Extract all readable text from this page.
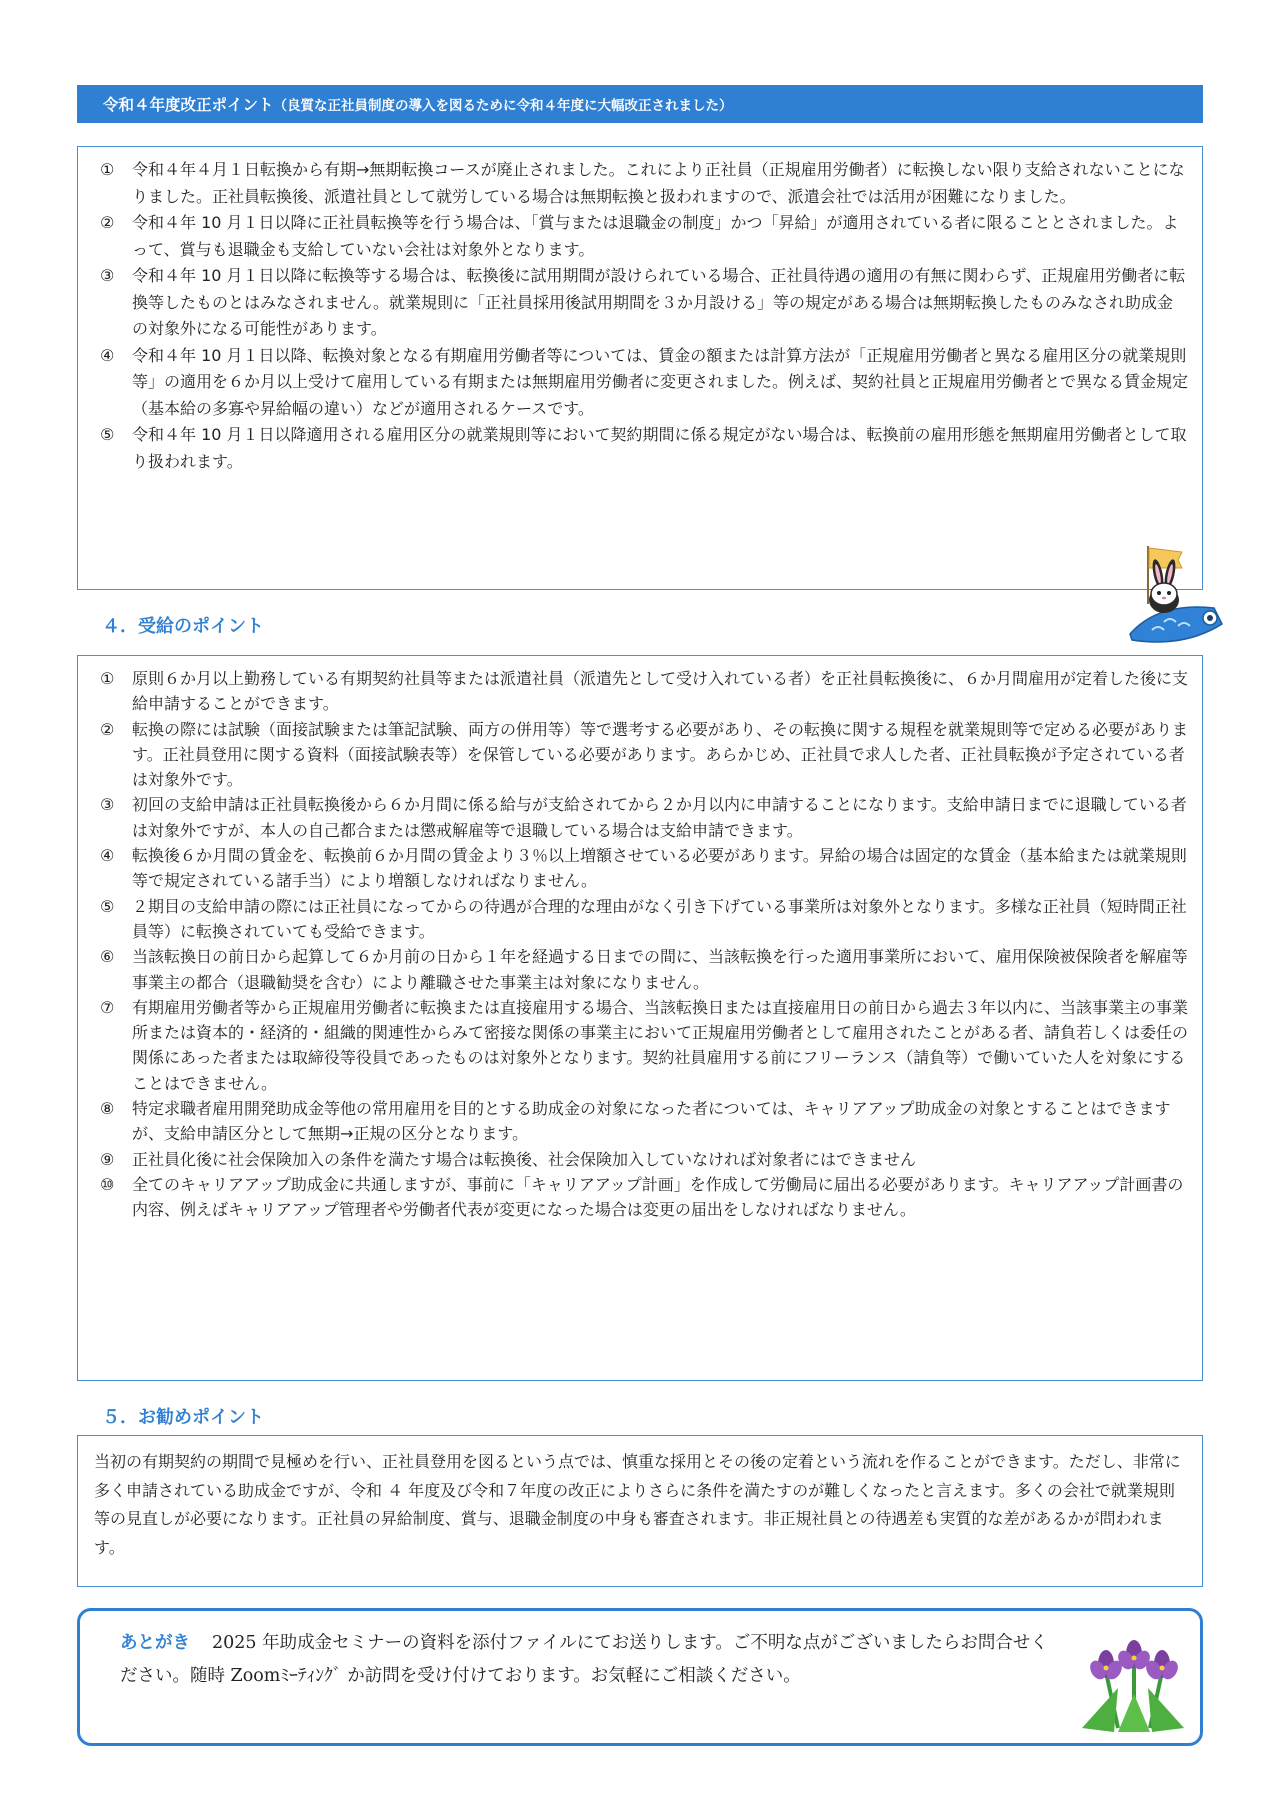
令和４年度改正ポイント （良質な正社員制度の導入を図るために令和４年度に大幅改正されました）
①	令和４年４月１日転換から有期→無期転換コースが廃止されました。これにより正社員（正規雇用労働者）に転換しない限り支給されないことになりました。正社員転換後、派遣社員として就労している場合は無期転換と扱われますので、派遣会社では活用が困難になりました。
②	令和４年 10 月１日以降に正社員転換等を行う場合は、「賞与または退職金の制度」かつ「昇給」が適用されている者に限ることとされました。よって、賞与も退職金も支給していない会社は対象外となります。
③	令和４年 10 月１日以降に転換等する場合は、転換後に試用期間が設けられている場合、正社員待遇の適用の有無に関わらず、正規雇用労働者に転換等したものとはみなされません。就業規則に「正社員採用後試用期間を３か月設ける」等の規定がある場合は無期転換したものみなされ助成金の対象外になる可能性があります。
④	令和４年 10 月１日以降、転換対象となる有期雇用労働者等については、賃金の額または計算方法が「正規雇用労働者と異なる雇用区分の就業規則等」の適用を６か月以上受けて雇用している有期または無期雇用労働者に変更されました。例えば、契約社員と正規雇用労働者とで異なる賃金規定（基本給の多寡や昇給幅の違い）などが適用されるケースです。
⑤	令和４年 10 月１日以降適用される雇用区分の就業規則等において契約期間に係る規定がない場合は、転換前の雇用形態を無期雇用労働者として取り扱われます。
４．受給のポイント
①	原則６か月以上勤務している有期契約社員等または派遣社員（派遣先として受け入れている者）を正社員転換後に、６か月間雇用が定着した後に支給申請することができます。
②	転換の際には試験（面接試験または筆記試験、両方の併用等）等で選考する必要があり、その転換に関する規程を就業規則等で定める必要があります。正社員登用に関する資料（面接試験表等）を保管している必要があります。あらかじめ、正社員で求人した者、正社員転換が予定されている者は対象外です。
③	初回の支給申請は正社員転換後から６か月間に係る給与が支給されてから２か月以内に申請することになります。支給申請日までに退職している者は対象外ですが、本人の自己都合または懲戒解雇等で退職している場合は支給申請できます。
④	転換後６か月間の賃金を、転換前６か月間の賃金より３％以上増額させている必要があります。昇給の場合は固定的な賃金（基本給または就業規則等で規定されている諸手当）により増額しなければなりません。
⑤	２期目の支給申請の際には正社員になってからの待遇が合理的な理由がなく引き下げている事業所は対象外となります。多様な正社員（短時間正社員等）に転換されていても受給できます。
⑥	当該転換日の前日から起算して６か月前の日から１年を経過する日までの間に、当該転換を行った適用事業所において、雇用保険被保険者を解雇等事業主の都合（退職勧奨を含む）により離職させた事業主は対象になりません。
⑦	有期雇用労働者等から正規雇用労働者に転換または直接雇用する場合、当該転換日または直接雇用日の前日から過去３年以内に、当該事業主の事業所または資本的・経済的・組織的関連性からみて密接な関係の事業主において正規雇用労働者として雇用されたことがある者、請負若しくは委任の関係にあった者または取締役等役員であったものは対象外となります。契約社員雇用する前にフリーランス（請負等）で働いていた人を対象にすることはできません。
⑧	特定求職者雇用開発助成金等他の常用雇用を目的とする助成金の対象になった者については、キャリアアップ助成金の対象とすることはできますが、支給申請区分として無期→正規の区分となります。
⑨	正社員化後に社会保険加入の条件を満たす場合は転換後、社会保険加入していなければ対象者にはできません
⑩	全てのキャリアアップ助成金に共通しますが、事前に「キャリアアップ計画」を作成して労働局に届出る必要があります。キャリアアップ計画書の内容、例えばキャリアアップ管理者や労働者代表が変更になった場合は変更の届出をしなければなりません。
５．お勧めポイント
当初の有期契約の期間で見極めを行い、正社員登用を図るという点では、慎重な採用とその後の定着という流れを作ることができます。ただし、非常に多く申請されている助成金ですが、令和 ４ 年度及び令和７年度の改正によりさらに条件を満たすのが難しくなったと言えます。多くの会社で就業規則等の見直しが必要になります。正社員の昇給制度、賞与、退職金制度の中身も審査されます。非正規社員との待遇差も実質的な差があるかが問われます。
あとがき 2025 年助成金セミナーの資料を添付ファイルにてお送りします。ご不明な点がございましたらお問合せください。随時 Zoomﾐｰﾃｨﾝｸﾞ か訪問を受け付けております。お気軽にご相談ください。
